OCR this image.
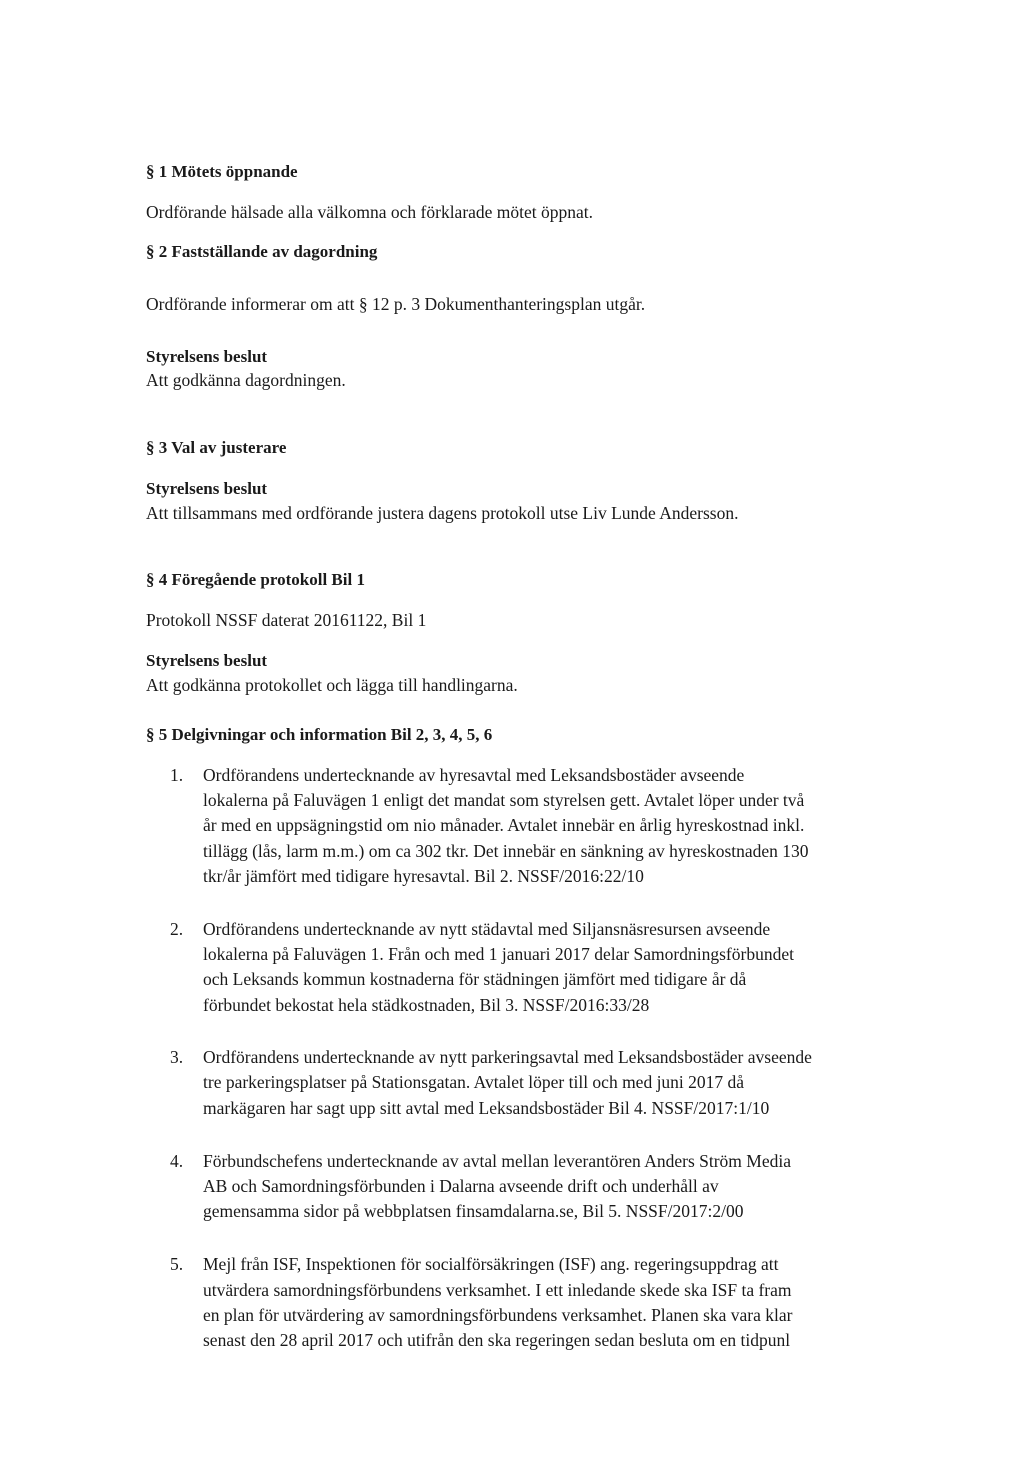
§ 1 Mötets öppnande
Ordförande hälsade alla välkomna och förklarade mötet öppnat.
§ 2 Fastställande av dagordning
Ordförande informerar om att § 12 p. 3 Dokumenthanteringsplan utgår.
Styrelsens beslut
Att godkänna dagordningen.
§ 3 Val av justerare
Styrelsens beslut
Att tillsammans med ordförande justera dagens protokoll utse Liv Lunde Andersson.
§ 4 Föregående protokoll Bil 1
Protokoll NSSF daterat 20161122, Bil 1
Styrelsens beslut
Att godkänna protokollet och lägga till handlingarna.
§ 5 Delgivningar och information Bil 2, 3, 4, 5, 6
1. Ordförandens undertecknande av hyresavtal med Leksandsbostäder avseende
lokalerna på Faluvägen 1 enligt det mandat som styrelsen gett. Avtalet löper under två
år med en uppsägningstid om nio månader. Avtalet innebär en årlig hyreskostnad inkl.
tillägg (lås, larm m.m.) om ca 302 tkr. Det innebär en sänkning av hyreskostnaden 130
tkr/år jämfört med tidigare hyresavtal. Bil 2. NSSF/2016:22/10
2. Ordförandens undertecknande av nytt städavtal med Siljansnäsresursen avseende
lokalerna på Faluvägen 1. Från och med 1 januari 2017 delar Samordningsförbundet
och Leksands kommun kostnaderna för städningen jämfört med tidigare år då
förbundet bekostat hela städkostnaden, Bil 3. NSSF/2016:33/28
3. Ordförandens undertecknande av nytt parkeringsavtal med Leksandsbostäder avseende
tre parkeringsplatser på Stationsgatan. Avtalet löper till och med juni 2017 då
markägaren har sagt upp sitt avtal med Leksandsbostäder Bil 4. NSSF/2017:1/10
4. Förbundschefens undertecknande av avtal mellan leverantören Anders Ström Media
AB och Samordningsförbunden i Dalarna avseende drift och underhåll av
gemensamma sidor på webbplatsen finsamdalarna.se, Bil 5. NSSF/2017:2/00
5. Mejl från ISF, Inspektionen för socialförsäkringen (ISF) ang. regeringsuppdrag att
utvärdera samordningsförbundens verksamhet. I ett inledande skede ska ISF ta fram
en plan för utvärdering av samordningsförbundens verksamhet. Planen ska vara klar
senast den 28 april 2017 och utifrån den ska regeringen sedan besluta om en tidpunl
